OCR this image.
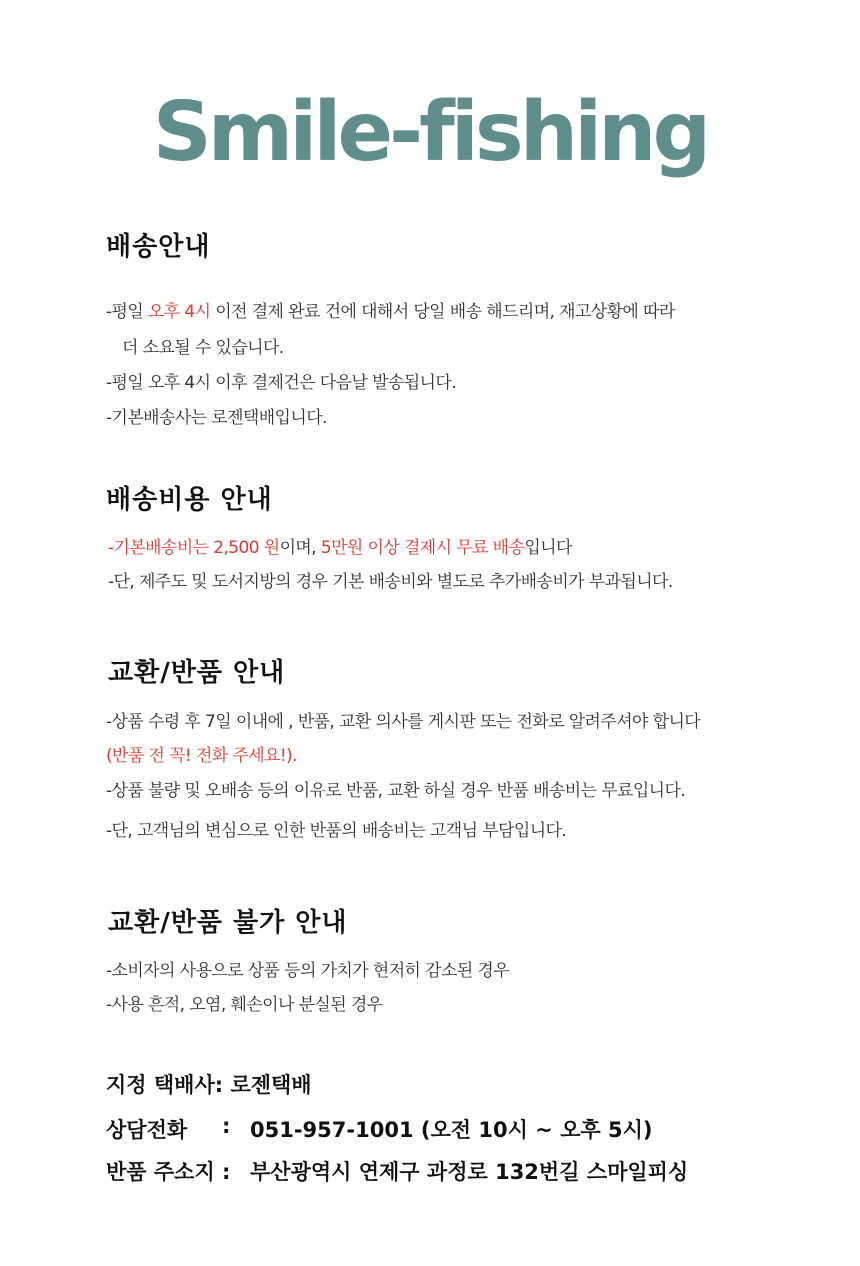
Smile-fishing
배송안내
-평일 오후 4시 이전 결제 완료 건에 대해서 당일 배송 해드리며, 재고상황에 따라
더 소요될 수 있습니다.
-평일 오후 4시 이후 결제건은 다음날 발송됩니다.
-기본배송사는 로젠택배입니다.
배송비용 안내
-기본배송비는 2,500 원이며, 5만원 이상 결제시 무료 배송입니다
-단, 제주도 및 도서지방의 경우 기본 배송비와 별도로 추가배송비가 부과됩니다.
교환/반품 안내
-상품 수령 후 7일 이내에 , 반품, 교환 의사를 게시판 또는 전화로 알려주셔야 합니다
(반품 전 꼭! 전화 주세요!).
-상품 불량 및 오배송 등의 이유로 반품, 교환 하실 경우 반품 배송비는 무료입니다.
-단, 고객님의 변심으로 인한 반품의 배송비는 고객님 부담입니다.
교환/반품 불가 안내
-소비자의 사용으로 상품 등의 가치가 현저히 감소된 경우
-사용 흔적, 오염, 훼손이나 분실된 경우
지정 택배사: 로젠택배
상담전화 : 051-957-1001 (오전 10시 ~ 오후 5시)
반품 주소지 : 부산광역시 연제구 과정로 132번길 스마일피싱
